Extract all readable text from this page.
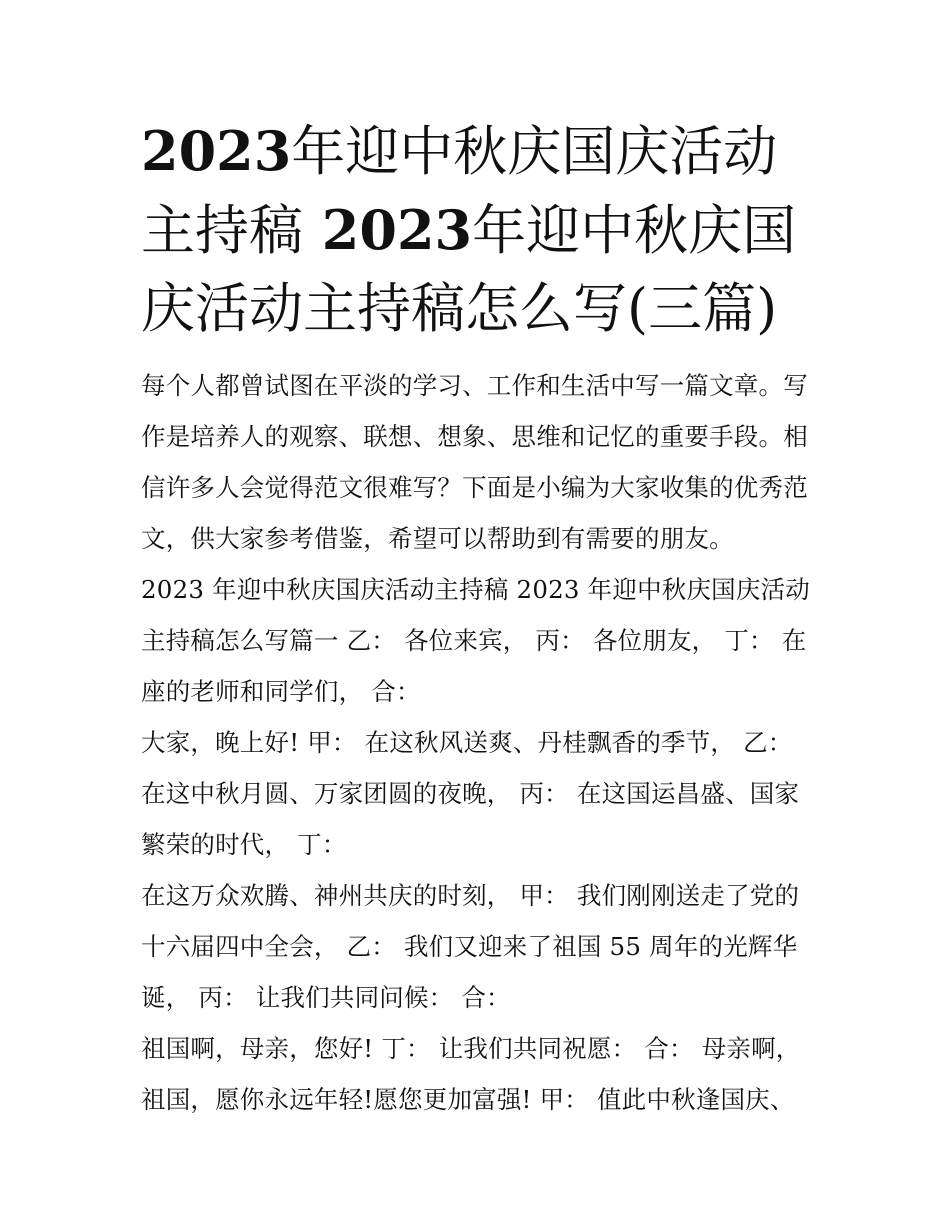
2023年迎中秋庆国庆活动主持稿 2023年迎中秋庆国庆活动主持稿怎么写(三篇)

每个人都曾试图在平淡的学习、工作和生活中写一篇文章。写作是培养人的观察、联想、想象、思维和记忆的重要手段。相信许多人会觉得范文很难写？下面是小编为大家收集的优秀范文，供大家参考借鉴，希望可以帮助到有需要的朋友。

2023 年迎中秋庆国庆活动主持稿 2023 年迎中秋庆国庆活动主持稿怎么写篇一 乙： 各位来宾， 丙： 各位朋友， 丁： 在座的老师和同学们， 合：

大家，晚上好! 甲： 在这秋风送爽、丹桂飘香的季节， 乙： 在这中秋月圆、万家团圆的夜晚， 丙： 在这国运昌盛、国家繁荣的时代， 丁：

在这万众欢腾、神州共庆的时刻， 甲： 我们刚刚送走了党的十六届四中全会， 乙： 我们又迎来了祖国 55 周年的光辉华诞， 丙： 让我们共同问候： 合：

祖国啊，母亲，您好! 丁： 让我们共同祝愿： 合： 母亲啊，祖国，愿你永远年轻!愿您更加富强! 甲： 值此中秋逢国庆、
